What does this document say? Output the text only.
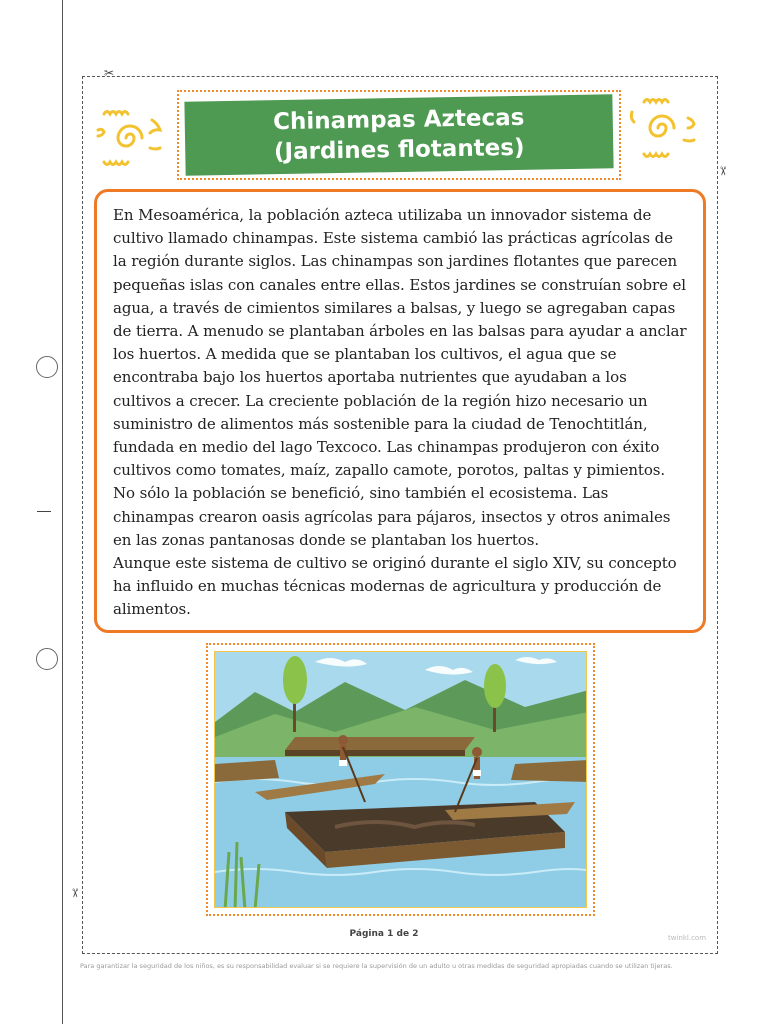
✂
✂
✂
Chinampas Aztecas
(Jardines flotantes)

En Mesoamérica, la población azteca utilizaba un innovador sistema de cultivo llamado chinampas. Este sistema cambió las prácticas agrícolas de la región durante siglos. Las chinampas son jardines flotantes que parecen pequeñas islas con canales entre ellas. Estos jardines se construían sobre el agua, a través de cimientos similares a balsas, y luego se agregaban capas de tierra. A menudo se plantaban árboles en las balsas para ayudar a anclar los huertos. A medida que se plantaban los cultivos, el agua que se encontraba bajo los huertos aportaba nutrientes que ayudaban a los cultivos a crecer. La creciente población de la región hizo necesario un suministro de alimentos más sostenible para la ciudad de Tenochtitlán, fundada en medio del lago Texcoco. Las chinampas produjeron con éxito cultivos como tomates, maíz, zapallo camote, porotos, paltas y pimientos. No sólo la población se benefició, sino también el ecosistema. Las chinampas crearon oasis agrícolas para pájaros, insectos y otros animales en las zonas pantanosas donde se plantaban los huertos.

Aunque este sistema de cultivo se originó durante el siglo XIV, su concepto ha influido en muchas técnicas modernas de agricultura y producción de alimentos.

Página 1 de 2	twinkl.com
Para garantizar la seguridad de los niños, es su responsabilidad evaluar si se requiere la supervisión de un adulto u otras medidas de seguridad apropiadas cuando se utilizan tijeras.
